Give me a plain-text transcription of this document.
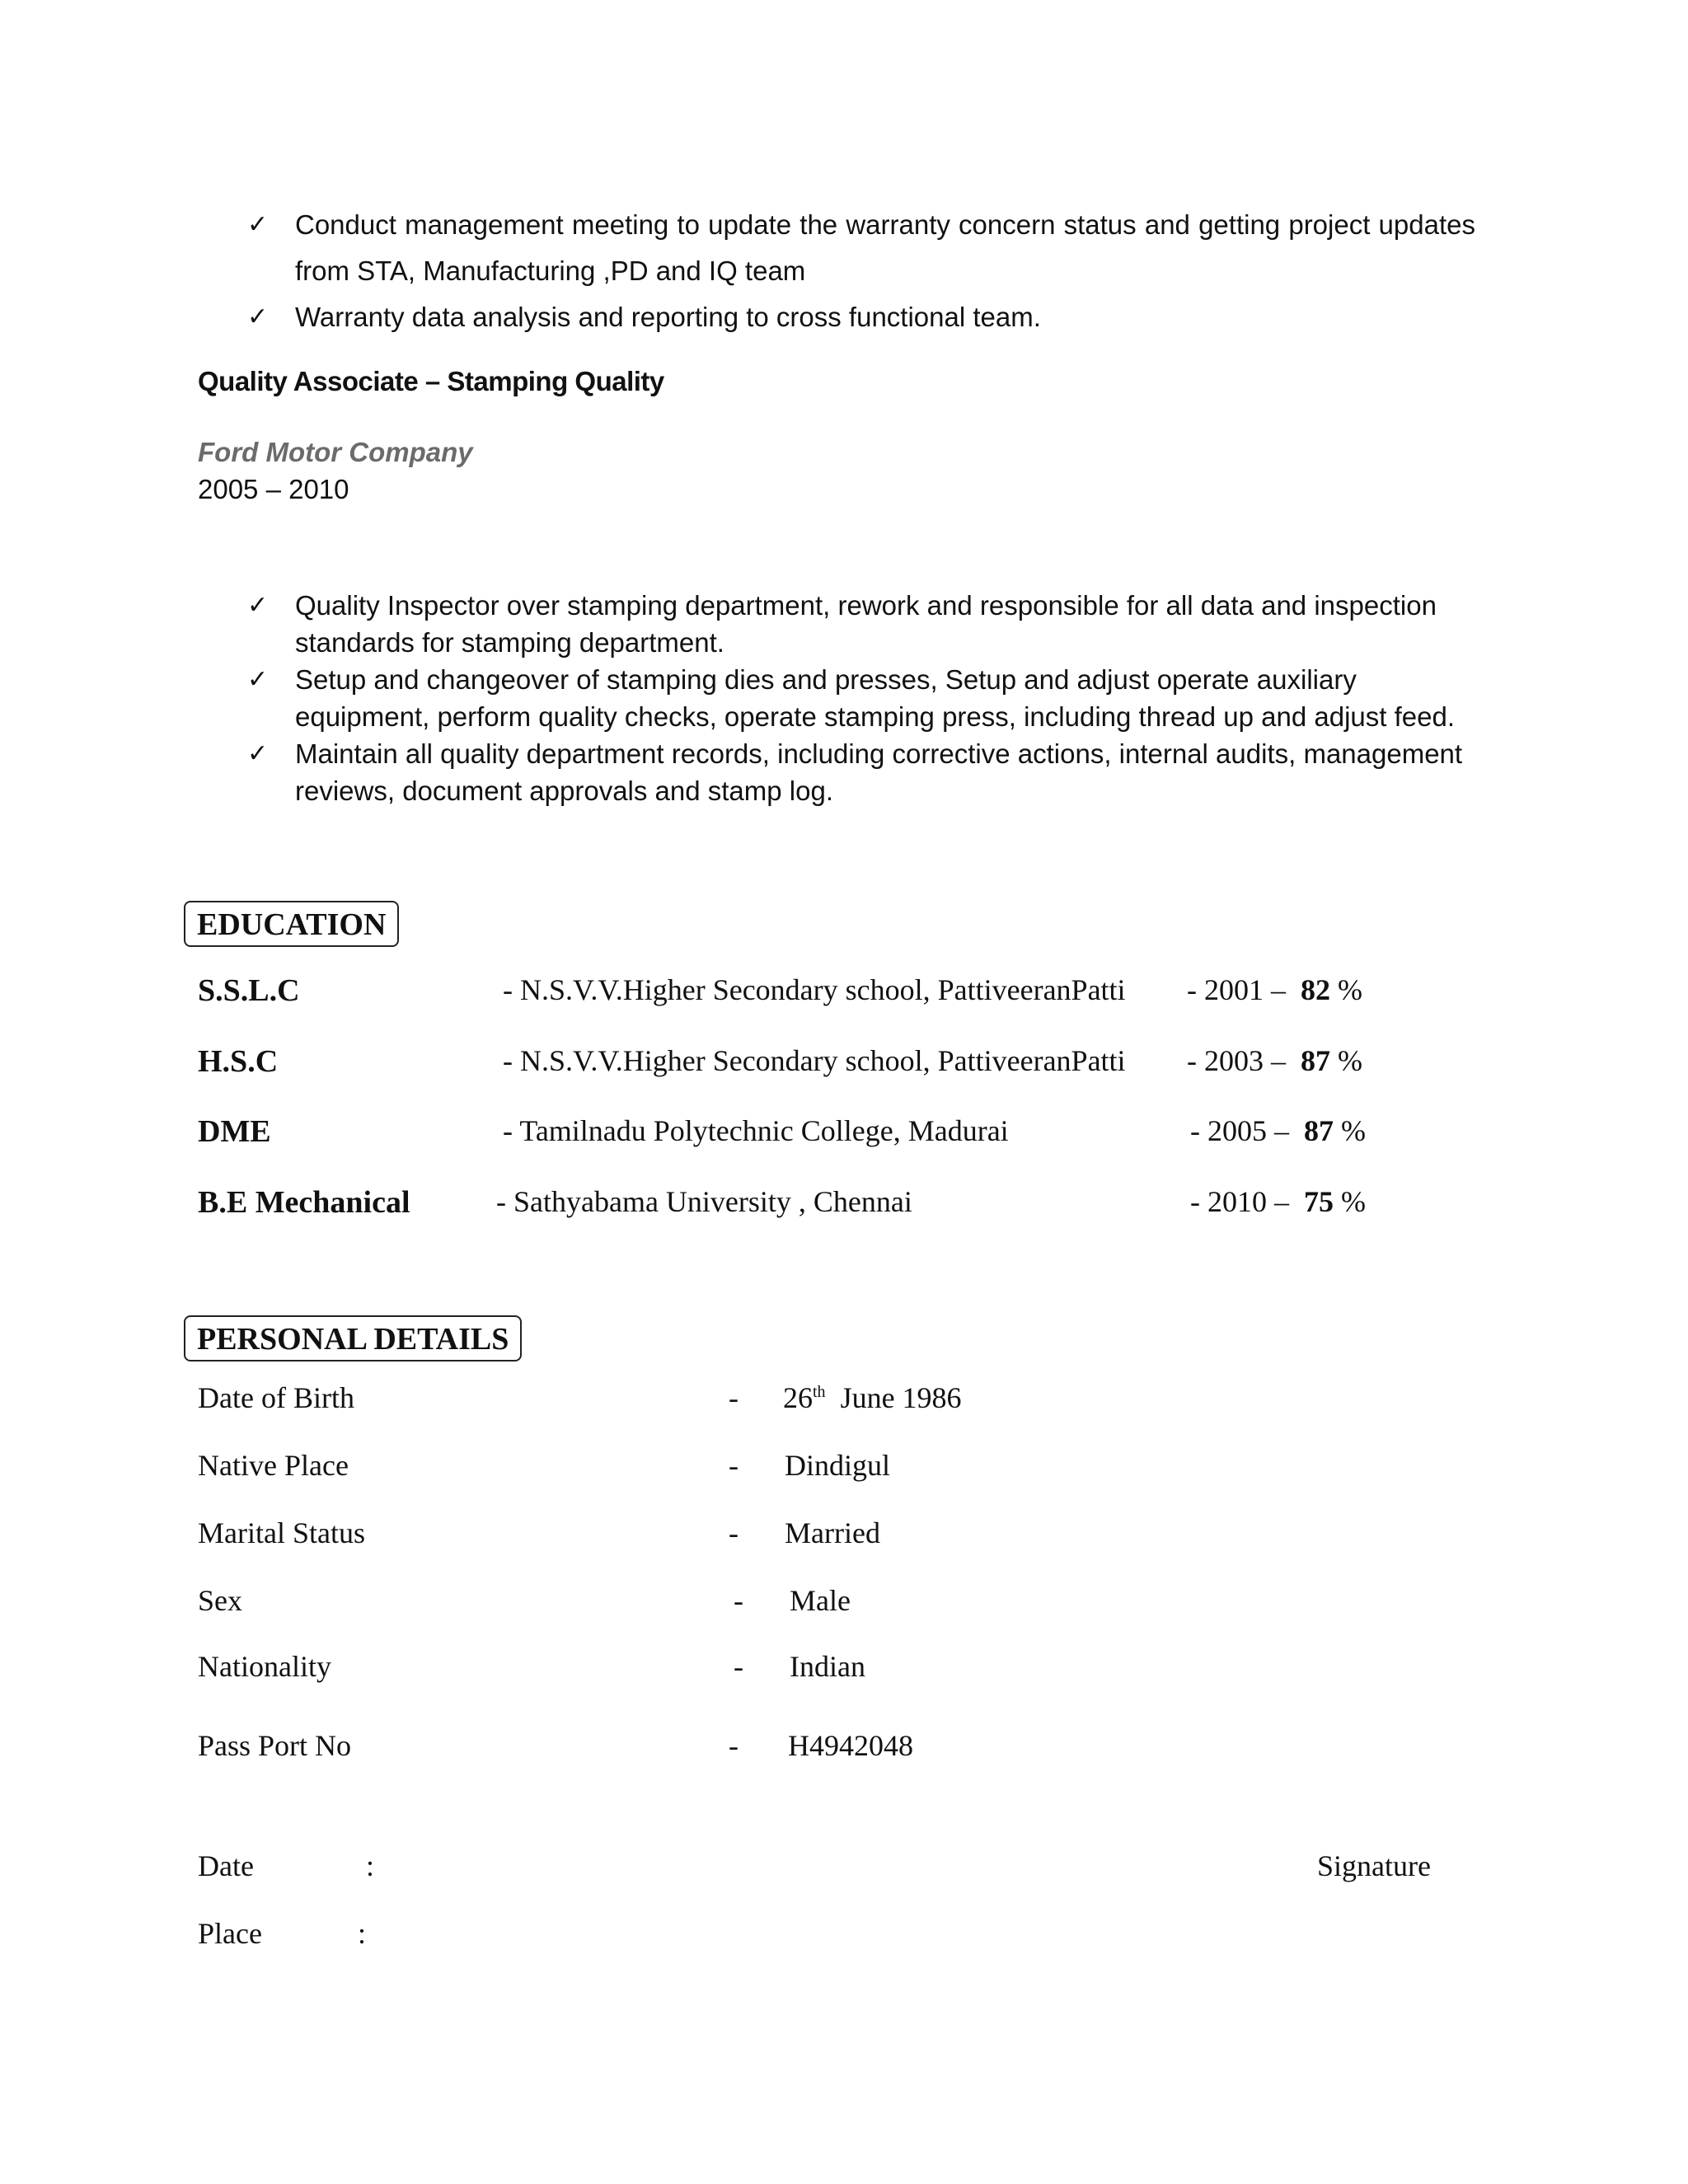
✓ Conduct management meeting to update the warranty concern status and getting project updates from STA, Manufacturing ,PD and IQ team
✓ Warranty data analysis and reporting to cross functional team.
Quality Associate – Stamping Quality
Ford Motor Company
2005 – 2010
✓ Quality Inspector over stamping department, rework and responsible for all data and inspection standards for stamping department.
✓ Setup and changeover of stamping dies and presses, Setup and adjust operate auxiliary equipment, perform quality checks, operate stamping press, including thread up and adjust feed.
✓ Maintain all quality department records, including corrective actions, internal audits, management reviews, document approvals and stamp log.
EDUCATION
S.S.L.C	- N.S.V.V.Higher Secondary school, PattiveeranPatti - 2001 – 82 %
H.S.C	- N.S.V.V.Higher Secondary school, PattiveeranPatti - 2003 – 87 %
DME	- Tamilnadu Polytechnic College, Madurai	- 2005 – 87 %
B.E Mechanical	- Sathyabama University , Chennai	- 2010 – 75 %
PERSONAL DETAILS
Date of Birth	- 26th June 1986
Native Place	- Dindigul
Marital Status	- Married
Sex	- Male
Nationality	- Indian
Pass Port No	- H4942048
Date	:	Signature
Place	:
